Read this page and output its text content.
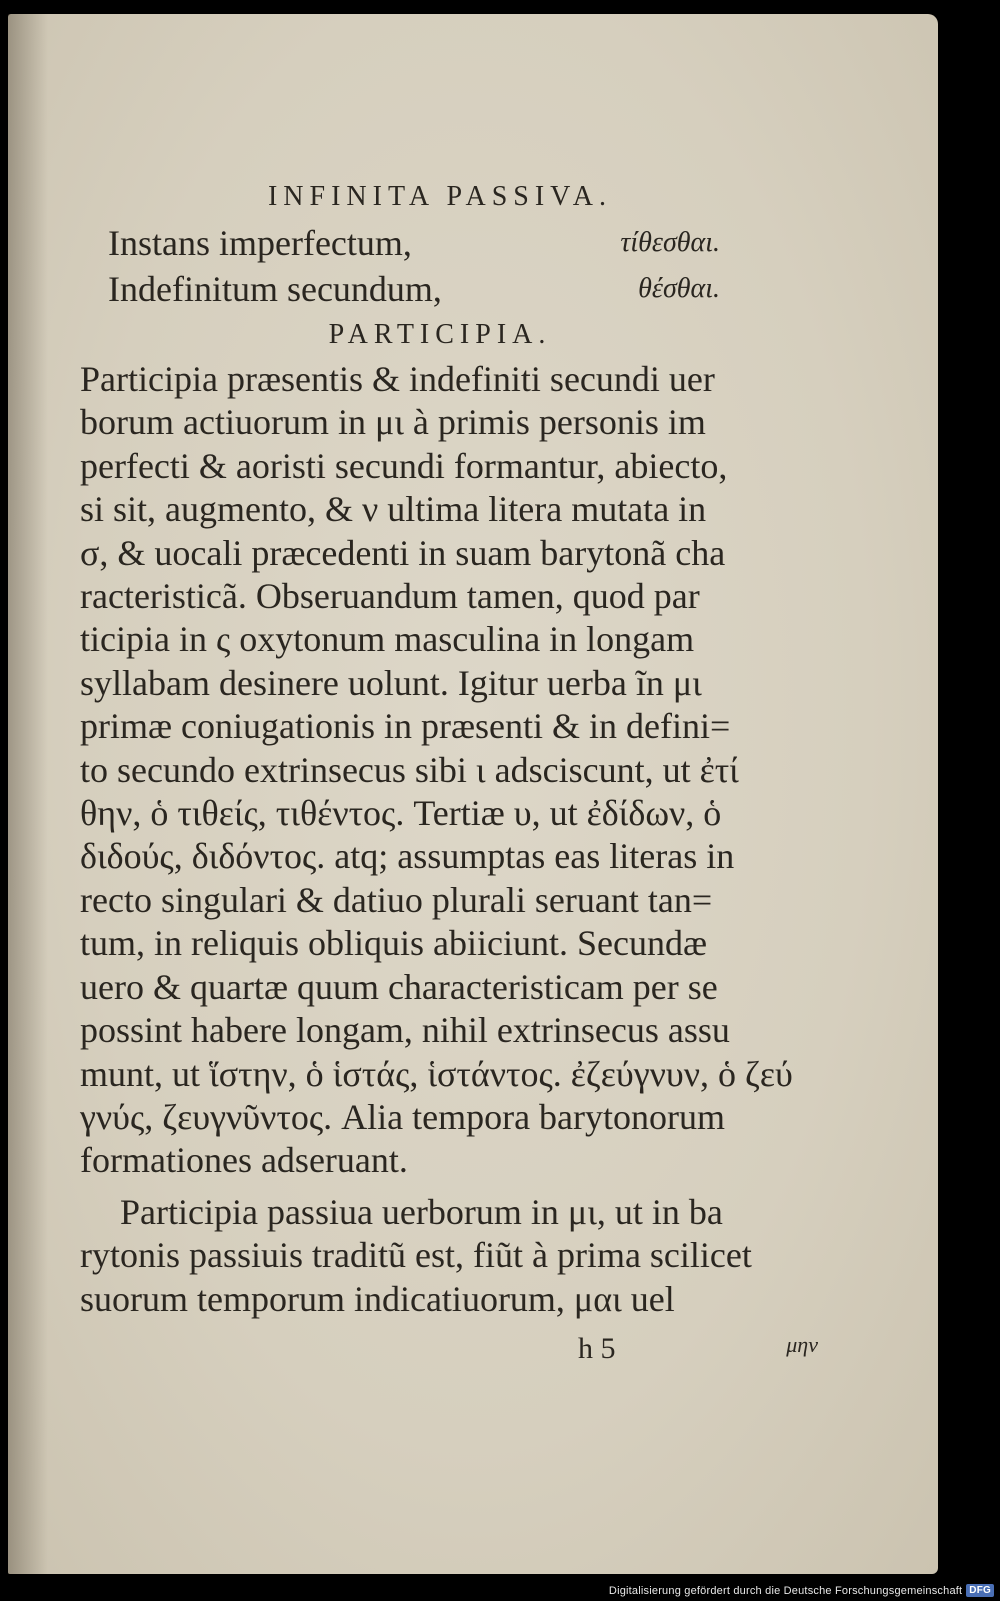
INFINITA PASSIVA.
Instans imperfectum,	τίθεσθαι.
Indefinitum secundum,	θέσθαι.
PARTICIPIA.
Participia præsentis & indefiniti secundi uer
borum actiuorum in μι à primis personis im
perfecti & aoristi secundi formantur, abiecto,
si sit, augmento, & ν ultima litera mutata in
σ, & uocali præcedenti in suam barytonã cha
racteristicã. Obseruandum tamen, quod par
ticipia in ς oxytonum masculina in longam
syllabam desinere uolunt. Igitur uerba ĩn μι
primæ coniugationis in præsenti & in defini=
to secundo extrinsecus sibi ι adsciscunt, ut ἐτί
θην, ὁ τιθείς, τιθέντος. Tertiæ υ, ut ἐδίδων, ὁ
διδούς, διδόντος. atq; assumptas eas literas in
recto singulari & datiuo plurali seruant tan=
tum, in reliquis obliquis abiiciunt. Secundæ
uero & quartæ quum characteristicam per se
possint habere longam, nihil extrinsecus assu
munt, ut ἵστην, ὁ ἱστάς, ἱστάντος. ἐζεύγνυν, ὁ ζεύ
γνύς, ζευγνῦντος. Alia tempora barytonorum
formationes adseruant.
Participia passiua uerborum in μι, ut in ba
rytonis passiuis traditũ est, fiũt à prima scilicet
suorum temporum indicatiuorum, μαι uel
h 5	μην
Digitalisierung gefördert durch die Deutsche Forschungsgemeinschaft DFG
